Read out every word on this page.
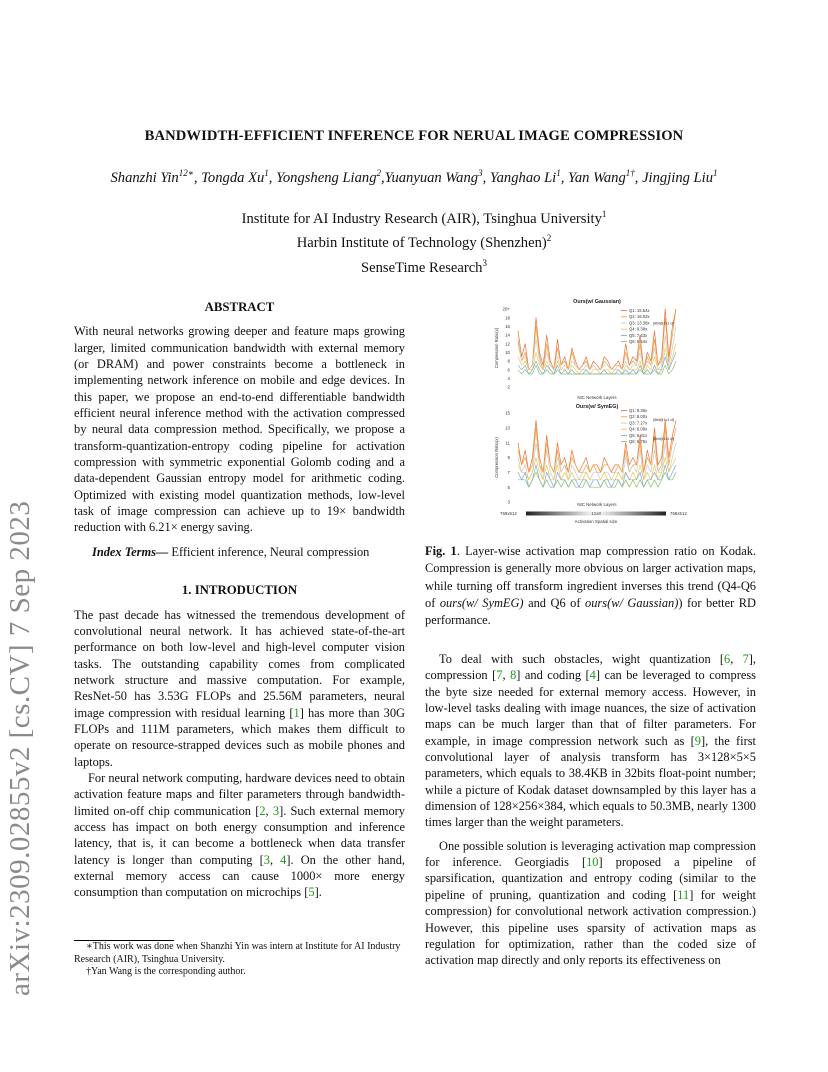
BANDWIDTH-EFFICIENT INFERENCE FOR NERUAL IMAGE COMPRESSION
Shanzhi Yin$^{12∗}$, Tongda Xu$^1$, Yongsheng Liang$^2$,Yuanyuan Wang$^3$, Yanghao Li$^1$, Yan Wang$^{1\dagger}$, Jingjing Liu$^1$
Institute for AI Industry Research (AIR), Tsinghua University$^1$
Harbin Institute of Technology (Shenzhen)$^2$
SenseTime Research$^3$
arXiv:2309.02855v2 [cs.CV] 7 Sep 2023

ABSTRACT

With neural networks growing deeper and feature maps growing larger, limited communication bandwidth with external memory (or DRAM) and power constraints become a bottleneck in implementing network inference on mobile and edge devices. In this paper, we propose an end-to-end differentiable bandwidth efficient neural inference method with the activation compressed by neural data compression method. Specifically, we propose a transform-quantization-entropy coding pipeline for activation compression with symmetric exponential Golomb coding and a data-dependent Gaussian entropy model for arithmetic coding. Optimized with existing model quantization methods, low-level task of image compression can achieve up to 19× bandwidth reduction with 6.21× energy saving.

Index Terms— Efficient inference, Neural compression

1. INTRODUCTION

The past decade has witnessed the tremendous development of convolutional neural network. It has achieved state-of-the-art performance on both low-level and high-level computer vision tasks. The outstanding capability comes from complicated network structure and massive computation. For example, ResNet-50 has 3.53G FLOPs and 25.56M parameters, neural image compression with residual learning [1] has more than 30G FLOPs and 111M parameters, which makes them difficult to operate on resource-strapped devices such as mobile phones and laptops.

For neural network computing, hardware devices need to obtain activation feature maps and filter parameters through bandwidth-limited on-off chip communication [2, 3]. Such external memory access has impact on both energy consumption and inference latency, that is, it can become a bottleneck when data transfer latency is longer than computing [3, 4]. On the other hand, external memory access can cause 1000× more energy consumption than computation on microchips [5].

∗This work was done when Shanzhi Yin was intern at Institute for AI Industry Research (AIR), Tsinghua University.

†Yan Wang is the corresponding author.

Ours(w/ Gaussian)
20+
18
16
14
12
10
8
6
4
2
Compression Ratio(x)
NIC Network Layers
Q1: 15.54x
Q2: 16.02x
Q3: 13.36x
Q4: 9.38x
Q5: 7.43x
Q6: 6.54x
[8bit@1x1 cf]
Ours(w/ SymEG)
15
13
11
9
7
5
3
Compression Ratio(x)
NIC Network Layers
Q1: 8.36x
Q2: 8.00x
Q3: 7.27x
Q4: 6.08x
Q5: 6.81x
Q6: 6.75x
[8bit@1x1 cf]
[8bit@1x1 cf]
768x512	12x8	768x512
Activation Spatial size
Fig. 1. Layer-wise activation map compression ratio on Kodak. Compression is generally more obvious on larger activation maps, while turning off transform ingredient inverses this trend (Q4-Q6 of ours(w/ SymEG) and Q6 of ours(w/ Gaussian)) for better RD performance.

To deal with such obstacles, wight quantization [6, 7], compression [7, 8] and coding [4] can be leveraged to compress the byte size needed for external memory access. However, in low-level tasks dealing with image nuances, the size of activation maps can be much larger than that of filter parameters. For example, in image compression network such as [9], the first convolutional layer of analysis transform has 3×128×5×5 parameters, which equals to 38.4KB in 32bits float-point number; while a picture of Kodak dataset downsampled by this layer has a dimension of 128×256×384, which equals to 50.3MB, nearly 1300 times larger than the weight parameters.

One possible solution is leveraging activation map compression for inference. Georgiadis [10] proposed a pipeline of sparsification, quantization and entropy coding (similar to the pipeline of pruning, quantization and coding [11] for weight compression) for convolutional network activation compression.) However, this pipeline uses sparsity of activation maps as regulation for optimization, rather than the coded size of activation map directly and only reports its effectiveness on
